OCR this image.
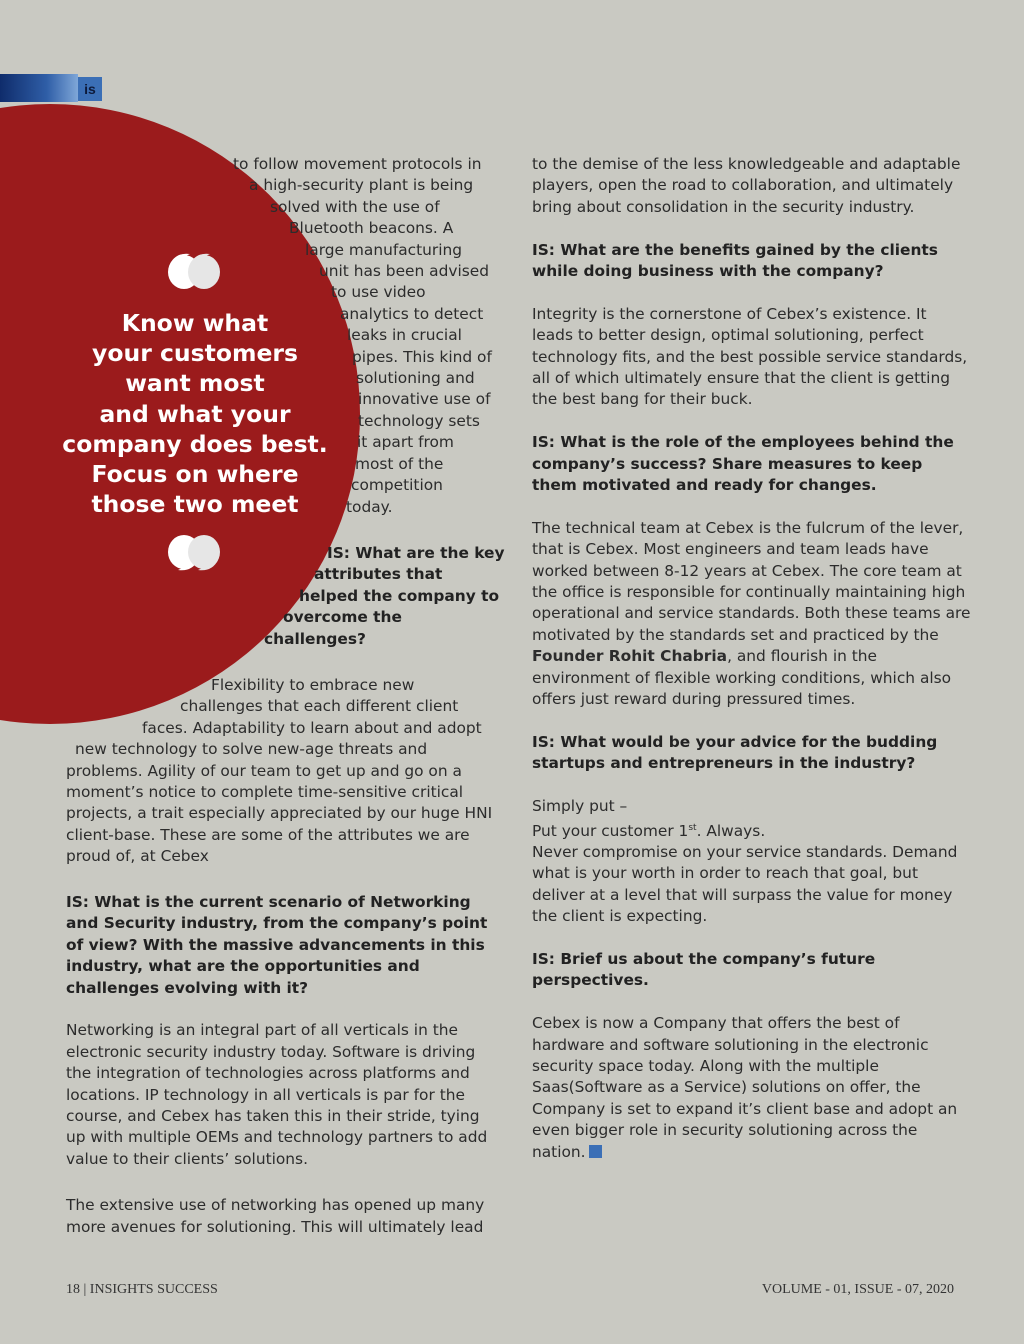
is
Know what
your customers
want most
and what your
company does best.
Focus on where
those two meet
to follow movement protocols in
a high-security plant is being
solved with the use of
Bluetooth beacons. A
large manufacturing
unit has been advised
to use video
analytics to detect
leaks in crucial
pipes. This kind of
solutioning and
innovative use of
technology sets
it apart from
most of the
competition
today.
IS: What are the key
attributes that
helped the company to
overcome the
challenges?
Flexibility to embrace new
challenges that each different client
faces. Adaptability to learn about and adopt
new technology to solve new-age threats and
problems. Agility of our team to get up and go on a
moment’s notice to complete time-sensitive critical
projects, a trait especially appreciated by our huge HNI
client-base. These are some of the attributes we are
proud of, at Cebex

IS: What is the current scenario of Networking and Security industry, from the company’s point of view? With the massive advancements in this industry, what are the opportunities and challenges evolving with it?

Networking is an integral part of all verticals in the electronic security industry today. Software is driving the integration of technologies across platforms and locations. IP technology in all verticals is par for the course, and Cebex has taken this in their stride, tying up with multiple OEMs and technology partners to add value to their clients’ solutions.

The extensive use of networking has opened up many more avenues for solutioning. This will ultimately lead

to the demise of the less knowledgeable and adaptable players, open the road to collaboration, and ultimately bring about consolidation in the security industry.

IS: What are the benefits gained by the clients while doing business with the company?

Integrity is the cornerstone of Cebex’s existence. It leads to better design, optimal solutioning, perfect technology fits, and the best possible service standards, all of which ultimately ensure that the client is getting the best bang for their buck.

IS: What is the role of the employees behind the company’s success? Share measures to keep them motivated and ready for changes.

The technical team at Cebex is the fulcrum of the lever, that is Cebex. Most engineers and team leads have worked between 8-12 years at Cebex. The core team at the office is responsible for continually maintaining high operational and service standards. Both these teams are motivated by the standards set and practiced by the Founder Rohit Chabria, and flourish in the environment of flexible working conditions, which also offers just reward during pressured times.

IS: What would be your advice for the budding startups and entrepreneurs in the industry?

Simply put –
Put your customer 1st. Always.
Never compromise on your service standards. Demand what is your worth in order to reach that goal, but deliver at a level that will surpass the value for money the client is expecting.

IS: Brief us about the company’s future perspectives.

Cebex is now a Company that offers the best of hardware and software solutioning in the electronic security space today. Along with the multiple Saas(Software as a Service) solutions on offer, the Company is set to expand it’s client base and adopt an even bigger role in security solutioning across the nation.

18 | INSIGHTS SUCCESS	VOLUME - 01, ISSUE - 07, 2020
